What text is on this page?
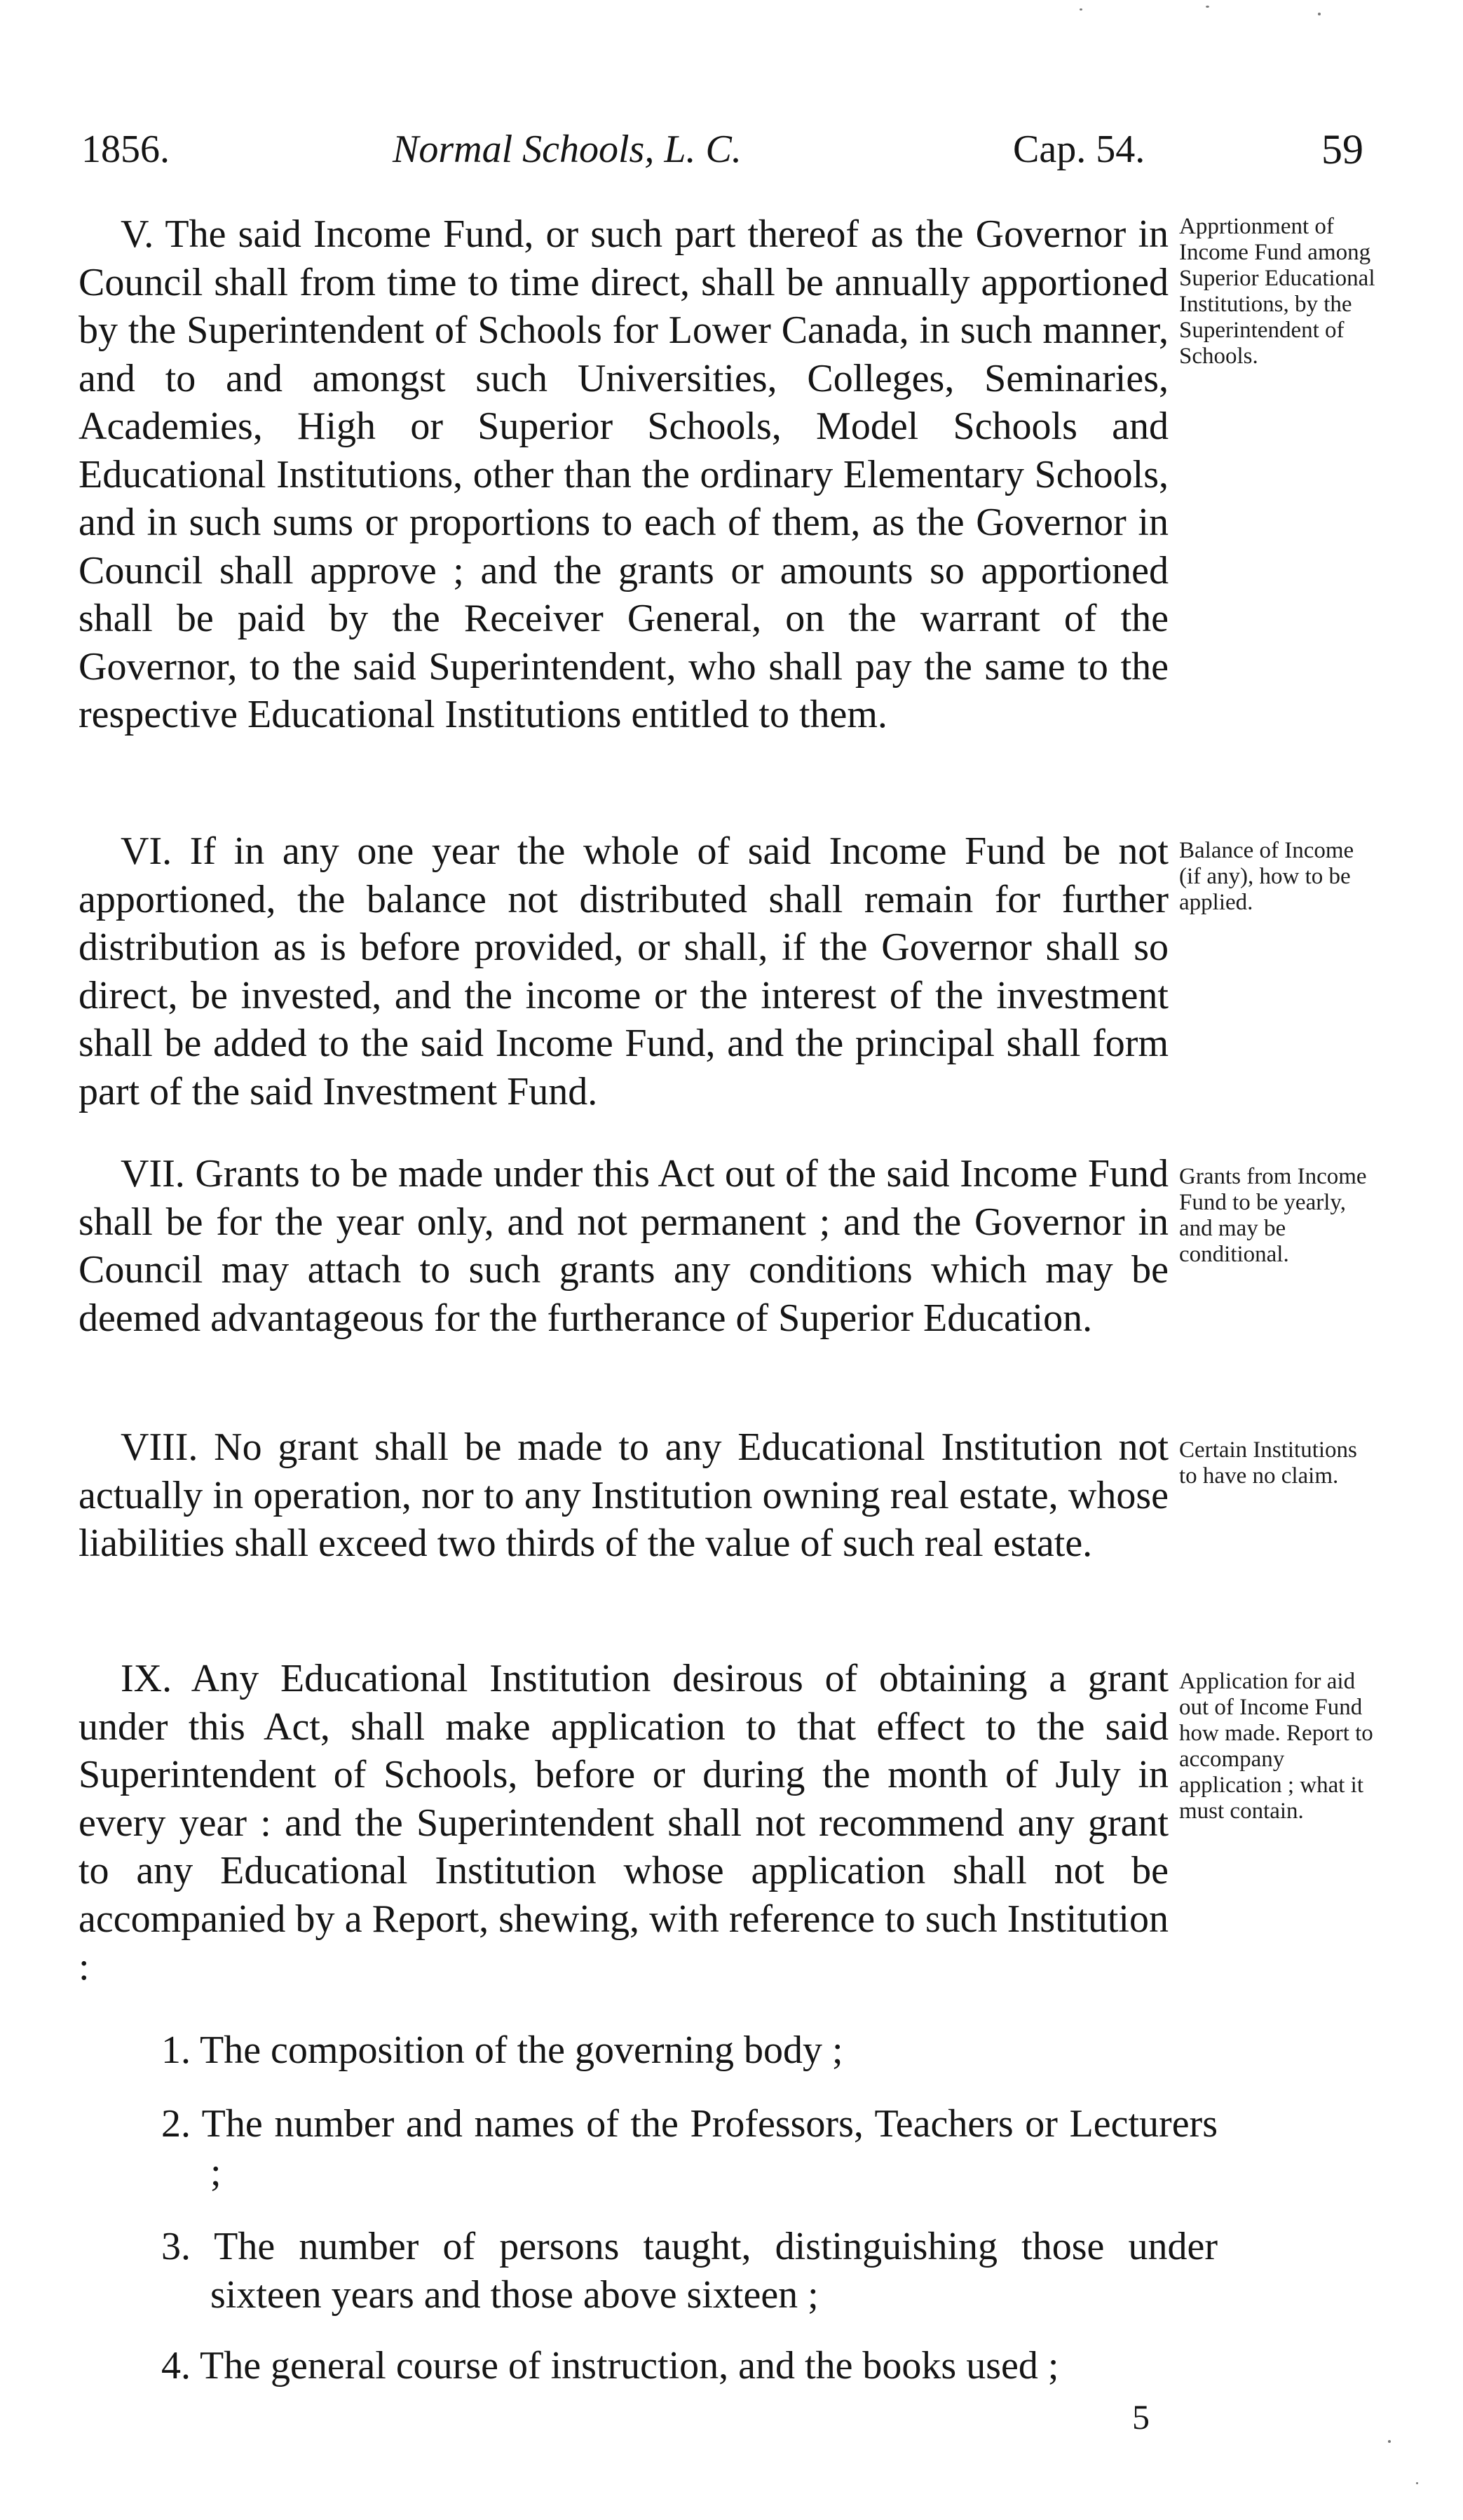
1856.	Normal Schools, L. C.	Cap. 54.	59

V. The said Income Fund, or such part thereof as the Governor in Council shall from time to time direct, shall be annually apportioned by the Superintendent of Schools for Lower Canada, in such manner, and to and amongst such Universities, Colleges, Seminaries, Academies, High or Superior Schools, Model Schools and Educational Institutions, other than the ordinary Elementary Schools, and in such sums or proportions to each of them, as the Governor in Council shall approve ; and the grants or amounts so apportioned shall be paid by the Receiver General, on the warrant of the Governor, to the said Superintendent, who shall pay the same to the respective Educational Institutions entitled to them.

Apprtionment of Income Fund among Superior Educational Institutions, by the Superintendent of Schools.

VI. If in any one year the whole of said Income Fund be not apportioned, the balance not distributed shall remain for further distribution as is before provided, or shall, if the Governor shall so direct, be invested, and the income or the interest of the investment shall be added to the said Income Fund, and the principal shall form part of the said Investment Fund.

Balance of Income (if any), how to be applied.

VII. Grants to be made under this Act out of the said Income Fund shall be for the year only, and not permanent ; and the Governor in Council may attach to such grants any conditions which may be deemed advantageous for the furtherance of Superior Education.

Grants from Income Fund to be yearly, and may be conditional.

VIII. No grant shall be made to any Educational Institution not actually in operation, nor to any Institution owning real estate, whose liabilities shall exceed two thirds of the value of such real estate.

Certain Institutions to have no claim.

IX. Any Educational Institution desirous of obtaining a grant under this Act, shall make application to that effect to the said Superintendent of Schools, before or during the month of July in every year : and the Superintendent shall not recommend any grant to any Educational Institution whose application shall not be accompanied by a Report, shewing, with reference to such Institution :

Application for aid out of Income Fund how made. Report to accompany application ; what it must contain.
1. The composition of the governing body ;
2. The number and names of the Professors, Teachers or Lecturers ;
3. The number of persons taught, distinguishing those under sixteen years and those above sixteen ;
4. The general course of instruction, and the books used ;
5
